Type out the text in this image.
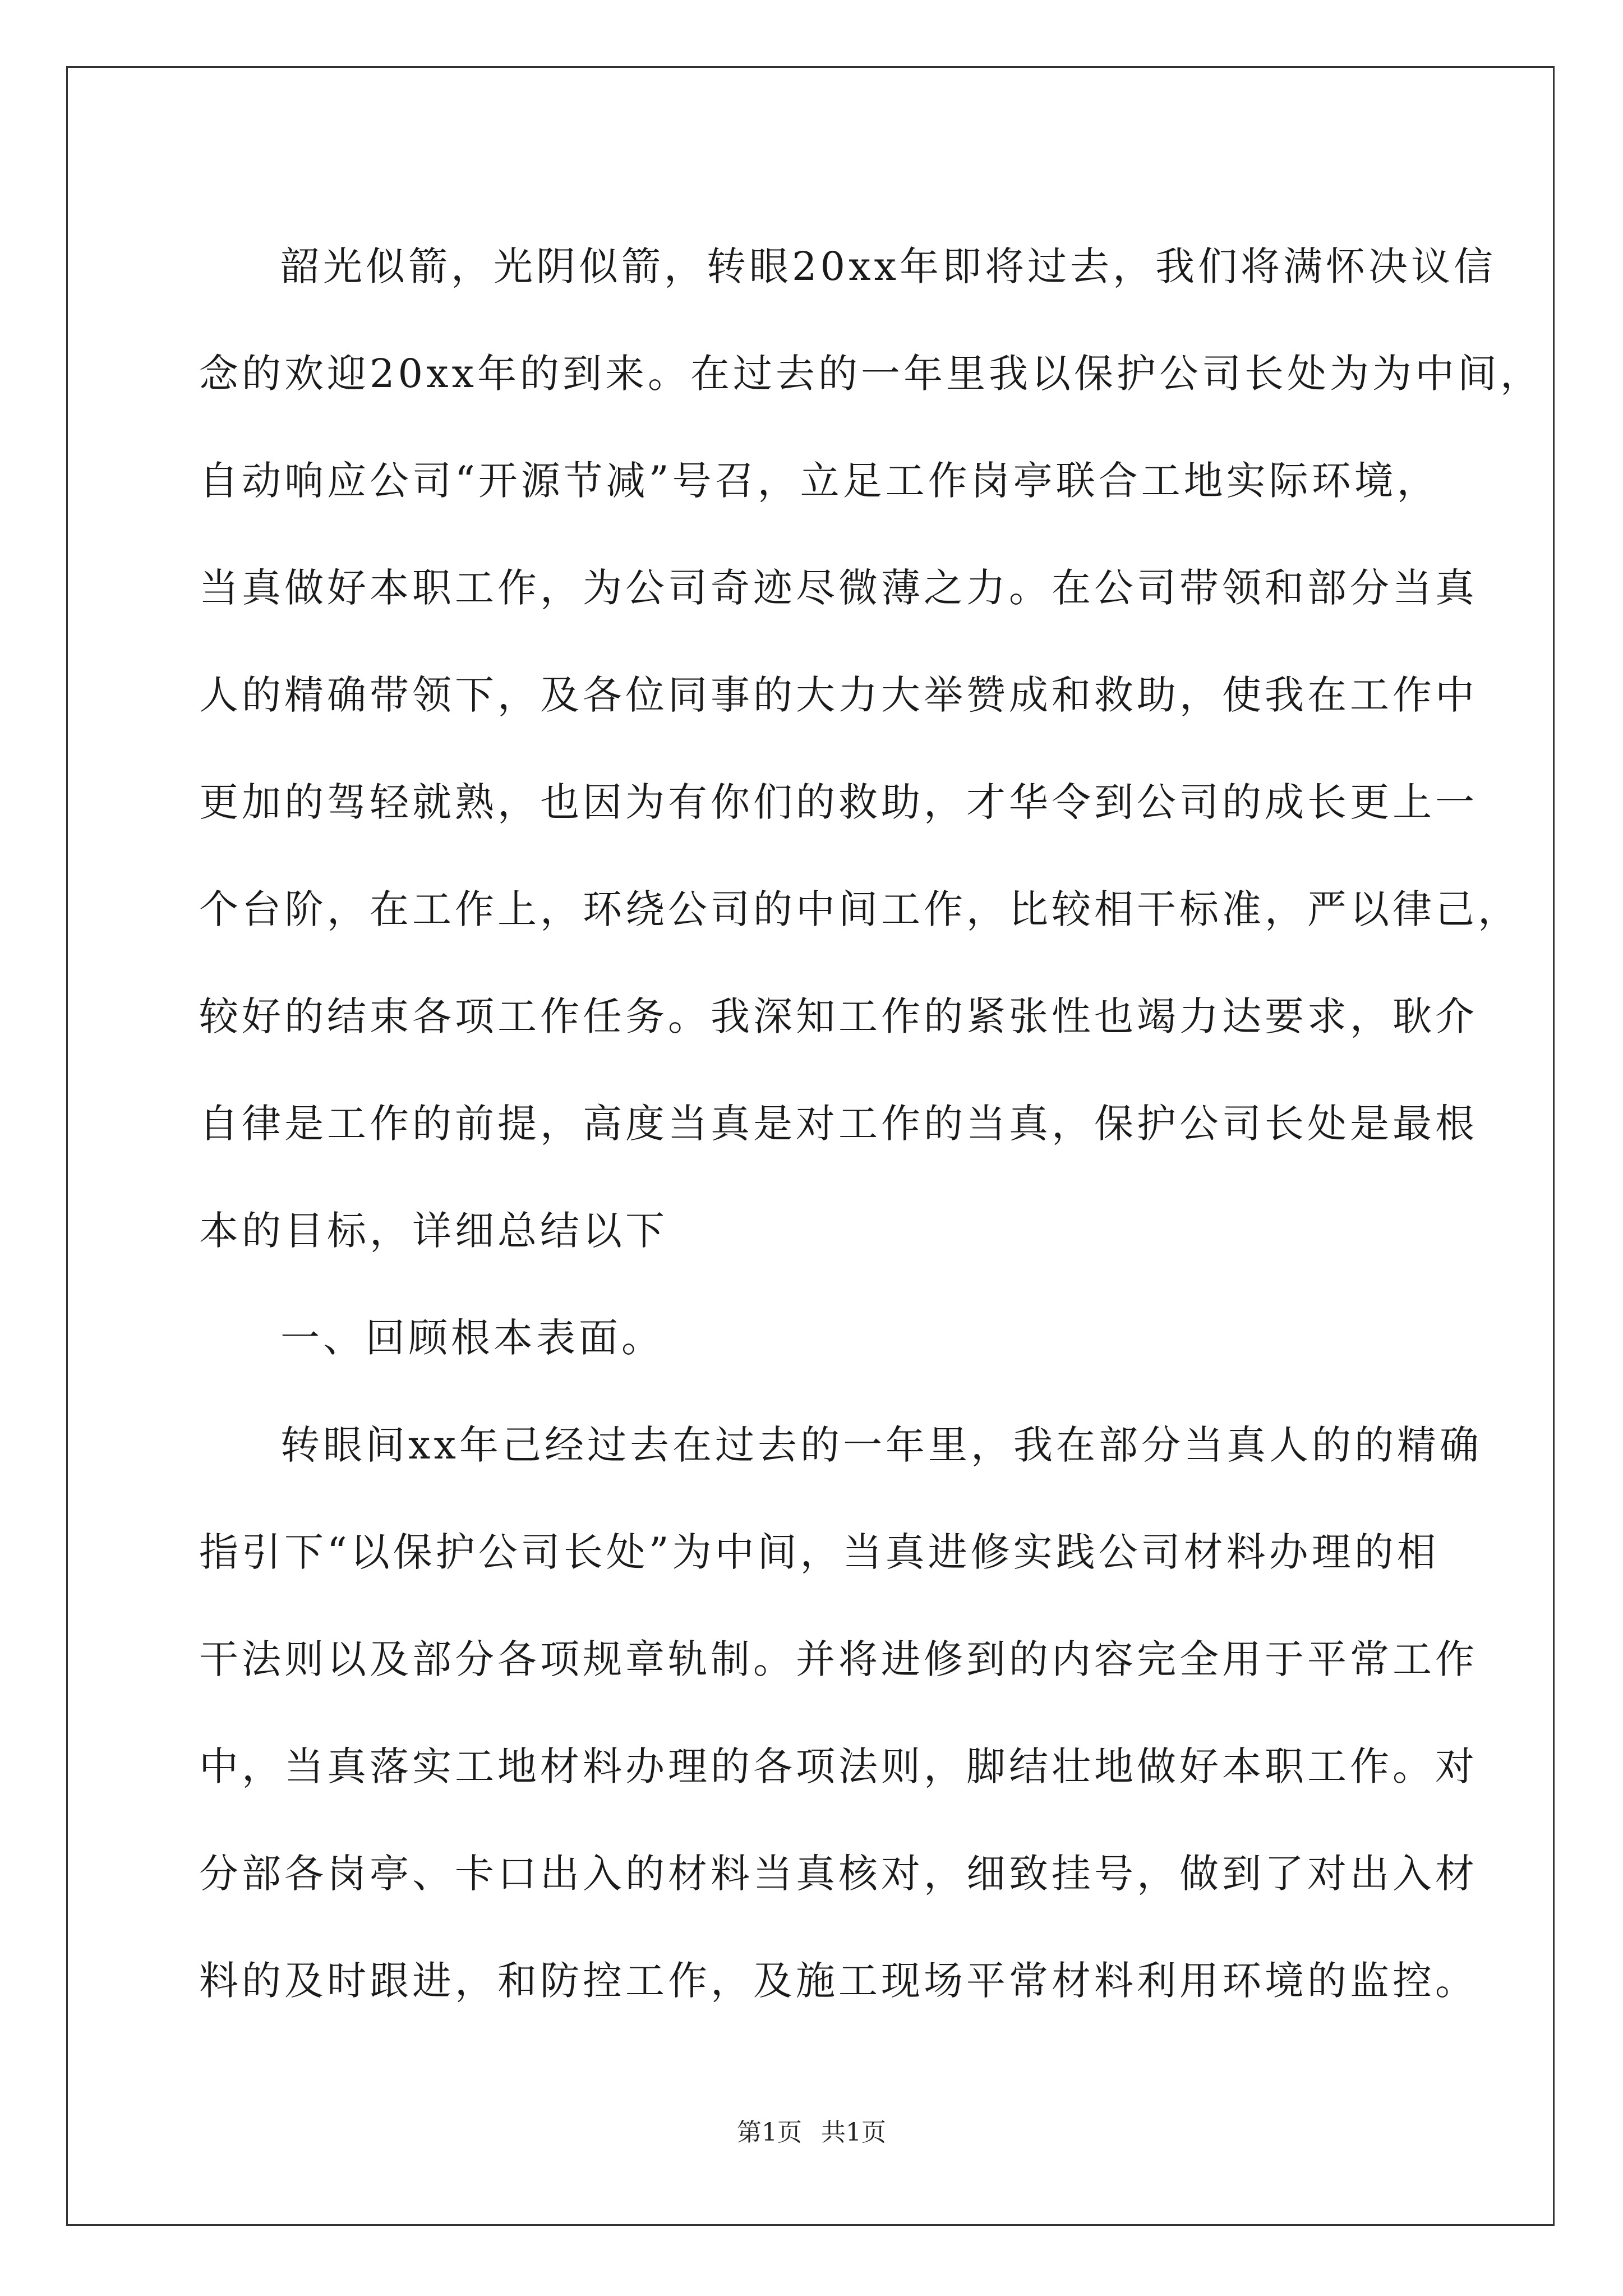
韶光似箭，光阴似箭，转眼20xx年即将过去，我们将满怀决议信
念的欢迎20xx年的到来。在过去的一年里我以保护公司长处为为中间，
自动响应公司“开源节减”号召，立足工作岗亭联合工地实际环境，
当真做好本职工作，为公司奇迹尽微薄之力。在公司带领和部分当真
人的精确带领下，及各位同事的大力大举赞成和救助，使我在工作中
更加的驾轻就熟，也因为有你们的救助，才华令到公司的成长更上一
个台阶，在工作上，环绕公司的中间工作，比较相干标准，严以律己，
较好的结束各项工作任务。我深知工作的紧张性也竭力达要求，耿介
自律是工作的前提，高度当真是对工作的当真，保护公司长处是最根
本的目标，详细总结以下
一、回顾根本表面。
转眼间xx年己经过去在过去的一年里，我在部分当真人的的精确
指引下“以保护公司长处”为中间，当真进修实践公司材料办理的相
干法则以及部分各项规章轨制。并将进修到的内容完全用于平常工作
中，当真落实工地材料办理的各项法则，脚结壮地做好本职工作。对
分部各岗亭、卡口出入的材料当真核对，细致挂号，做到了对出入材
料的及时跟进，和防控工作，及施工现场平常材料利用环境的监控。
第1页 共1页
